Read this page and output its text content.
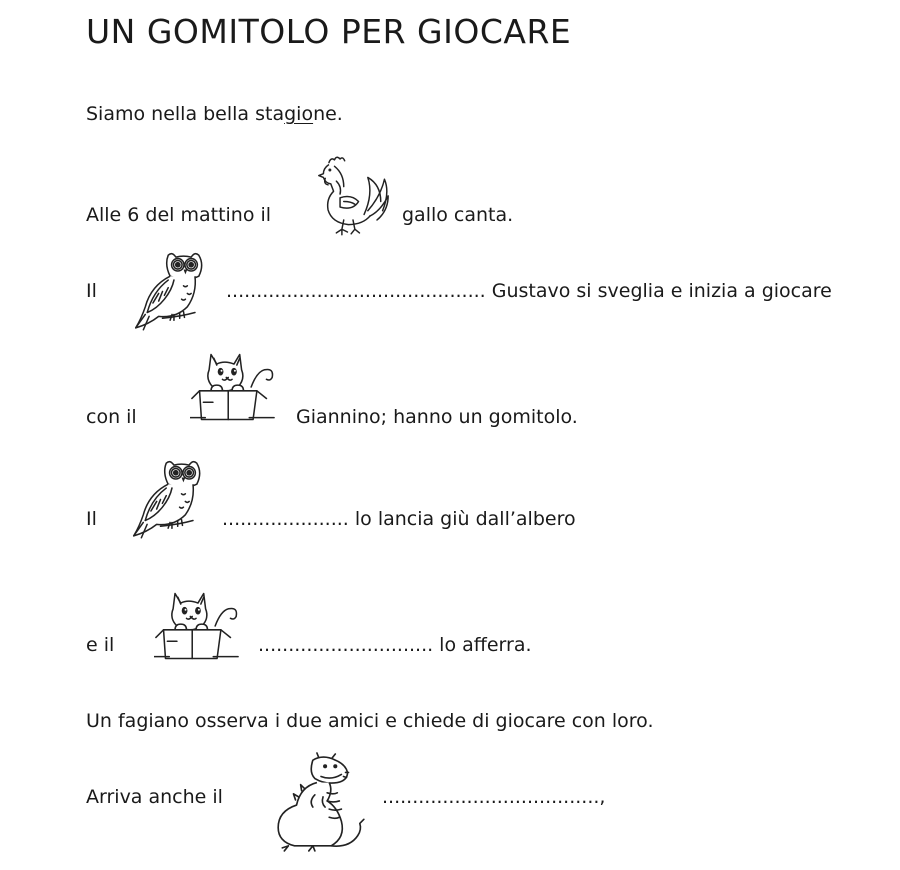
UN GOMITOLO PER GIOCARE
Siamo nella bella stagione.
Alle 6 del mattino il	gallo canta.
Il	........................................... Gustavo si sveglia e inizia a giocare
con il	Giannino; hanno un gomitolo.
Il	..................... lo lancia giù dall’albero
e il	............................. lo afferra.
Un fagiano osserva i due amici e chiede di giocare con loro.
Arriva anche il	....................................,
